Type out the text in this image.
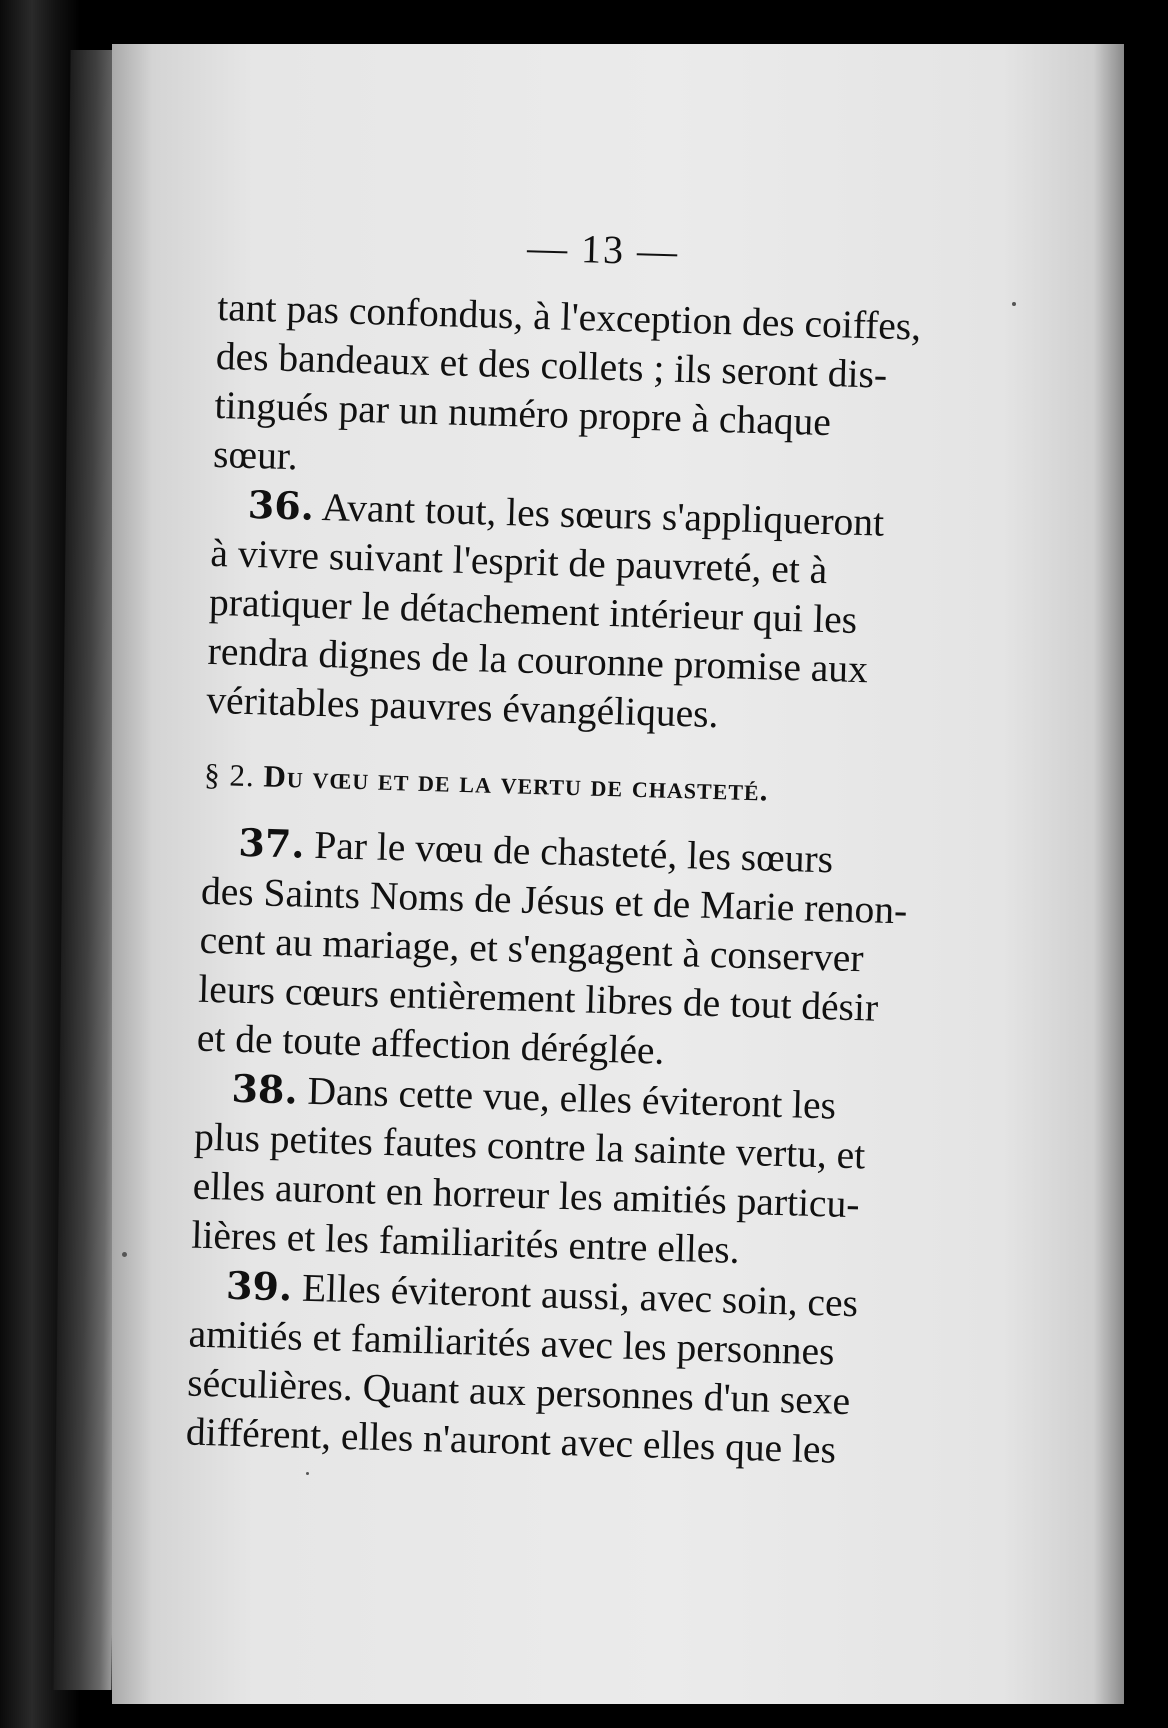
— 13 —

tant pas confondus, à l'exception des coiffes,
des bandeaux et des collets ; ils seront dis-
tingués par un numéro propre à chaque
sœur.

36. Avant tout, les sœurs s'appliqueront
à vivre suivant l'esprit de pauvreté, et à
pratiquer le détachement intérieur qui les
rendra dignes de la couronne promise aux
véritables pauvres évangéliques.

§ 2. Du vœu et de la vertu de chasteté.

37. Par le vœu de chasteté, les sœurs
des Saints Noms de Jésus et de Marie renon-
cent au mariage, et s'engagent à conserver
leurs cœurs entièrement libres de tout désir
et de toute affection déréglée.

38. Dans cette vue, elles éviteront les
plus petites fautes contre la sainte vertu, et
elles auront en horreur les amitiés particu-
lières et les familiarités entre elles.

39. Elles éviteront aussi, avec soin, ces
amitiés et familiarités avec les personnes
séculières. Quant aux personnes d'un sexe
différent, elles n'auront avec elles que les
